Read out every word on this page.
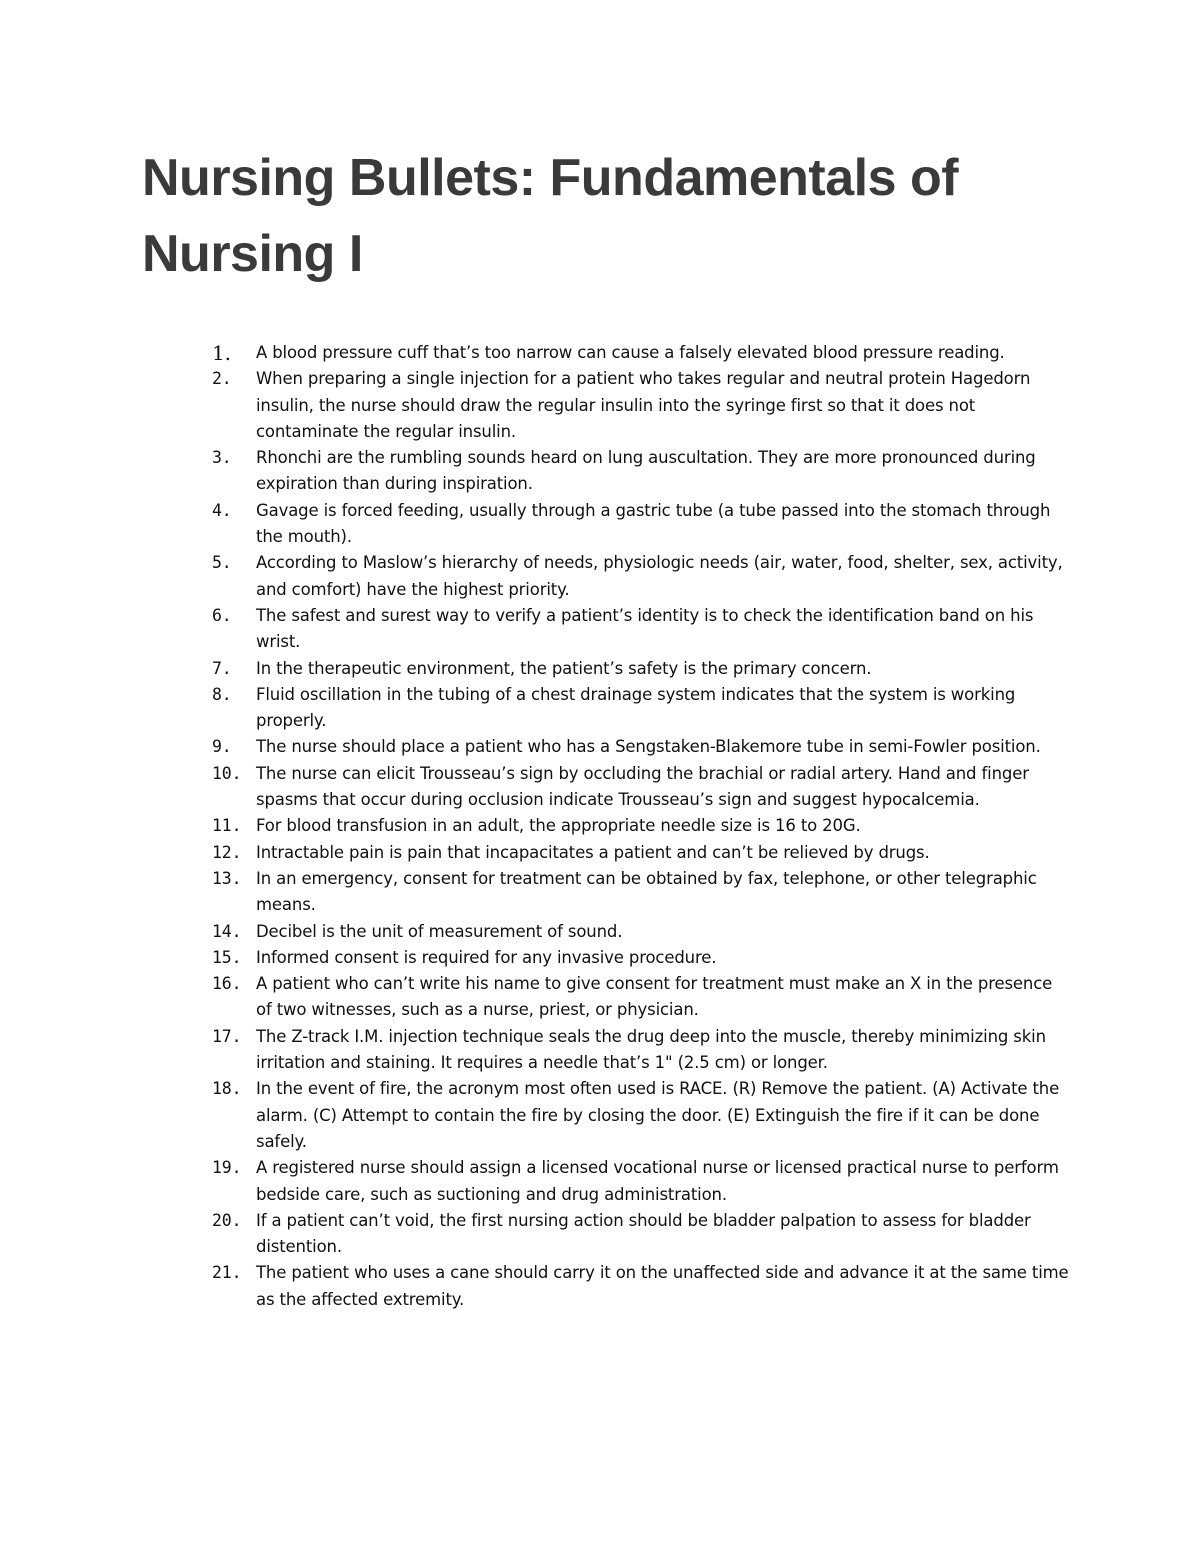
Nursing Bullets: Fundamentals of Nursing I
1.	A blood pressure cuff that’s too narrow can cause a falsely elevated blood pressure reading.
2.	When preparing a single injection for a patient who takes regular and neutral protein Hagedorn insulin, the nurse should draw the regular insulin into the syringe first so that it does not contaminate the regular insulin.
3.	Rhonchi are the rumbling sounds heard on lung auscultation. They are more pronounced during expiration than during inspiration.
4.	Gavage is forced feeding, usually through a gastric tube (a tube passed into the stomach through the mouth).
5.	According to Maslow’s hierarchy of needs, physiologic needs (air, water, food, shelter, sex, activity, and comfort) have the highest priority.
6.	The safest and surest way to verify a patient’s identity is to check the identification band on his wrist.
7.	In the therapeutic environment, the patient’s safety is the primary concern.
8.	Fluid oscillation in the tubing of a chest drainage system indicates that the system is working properly.
9.	The nurse should place a patient who has a Sengstaken-Blakemore tube in semi-Fowler position.
10. The nurse can elicit Trousseau’s sign by occluding the brachial or radial artery. Hand and finger spasms that occur during occlusion indicate Trousseau’s sign and suggest hypocalcemia.
11. For blood transfusion in an adult, the appropriate needle size is 16 to 20G.
12. Intractable pain is pain that incapacitates a patient and can’t be relieved by drugs.
13. In an emergency, consent for treatment can be obtained by fax, telephone, or other telegraphic means.
14. Decibel is the unit of measurement of sound.
15. Informed consent is required for any invasive procedure.
16. A patient who can’t write his name to give consent for treatment must make an X in the presence of two witnesses, such as a nurse, priest, or physician.
17. The Z-track I.M. injection technique seals the drug deep into the muscle, thereby minimizing skin irritation and staining. It requires a needle that’s 1" (2.5 cm) or longer.
18. In the event of fire, the acronym most often used is RACE. (R) Remove the patient. (A) Activate the alarm. (C) Attempt to contain the fire by closing the door. (E) Extinguish the fire if it can be done safely.
19. A registered nurse should assign a licensed vocational nurse or licensed practical nurse to perform bedside care, such as suctioning and drug administration.
20. If a patient can’t void, the first nursing action should be bladder palpation to assess for bladder distention.
21. The patient who uses a cane should carry it on the unaffected side and advance it at the same time as the affected extremity.
